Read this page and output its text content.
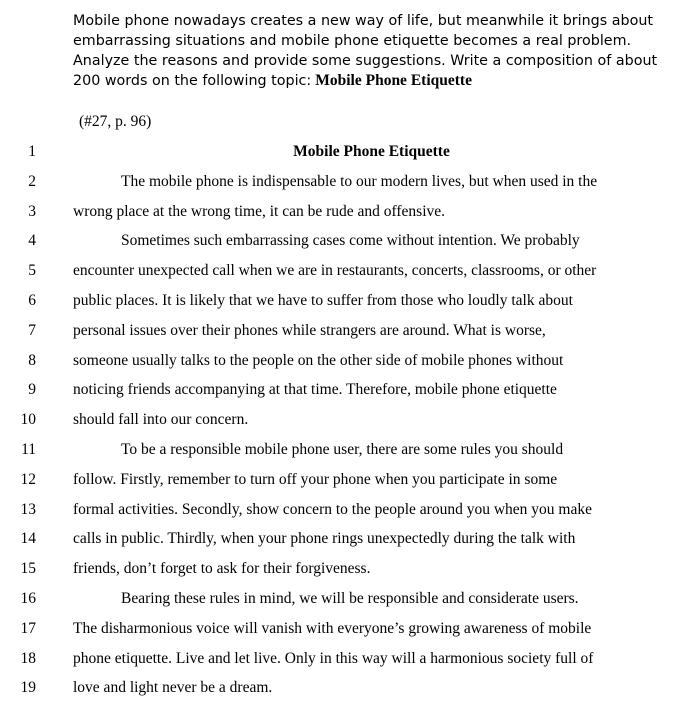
Mobile phone nowadays creates a new way of life, but meanwhile it brings about
embarrassing situations and mobile phone etiquette becomes a real problem.
Analyze the reasons and provide some suggestions. Write a composition of about
200 words on the following topic: Mobile Phone Etiquette
(#27, p. 96)
1	Mobile Phone Etiquette
2	The mobile phone is indispensable to our modern lives, but when used in the
3 wrong place at the wrong time, it can be rude and offensive.
4	Sometimes such embarrassing cases come without intention. We probably
5 encounter unexpected call when we are in restaurants, concerts, classrooms, or other
6 public places. It is likely that we have to suffer from those who loudly talk about
7 personal issues over their phones while strangers are around. What is worse,
8 someone usually talks to the people on the other side of mobile phones without
9 noticing friends accompanying at that time. Therefore, mobile phone etiquette
10 should fall into our concern.
11	To be a responsible mobile phone user, there are some rules you should
12 follow. Firstly, remember to turn off your phone when you participate in some
13 formal activities. Secondly, show concern to the people around you when you make
14 calls in public. Thirdly, when your phone rings unexpectedly during the talk with
15 friends, don’t forget to ask for their forgiveness.
16	Bearing these rules in mind, we will be responsible and considerate users.
17 The disharmonious voice will vanish with everyone’s growing awareness of mobile
18 phone etiquette. Live and let live. Only in this way will a harmonious society full of
19 love and light never be a dream.
